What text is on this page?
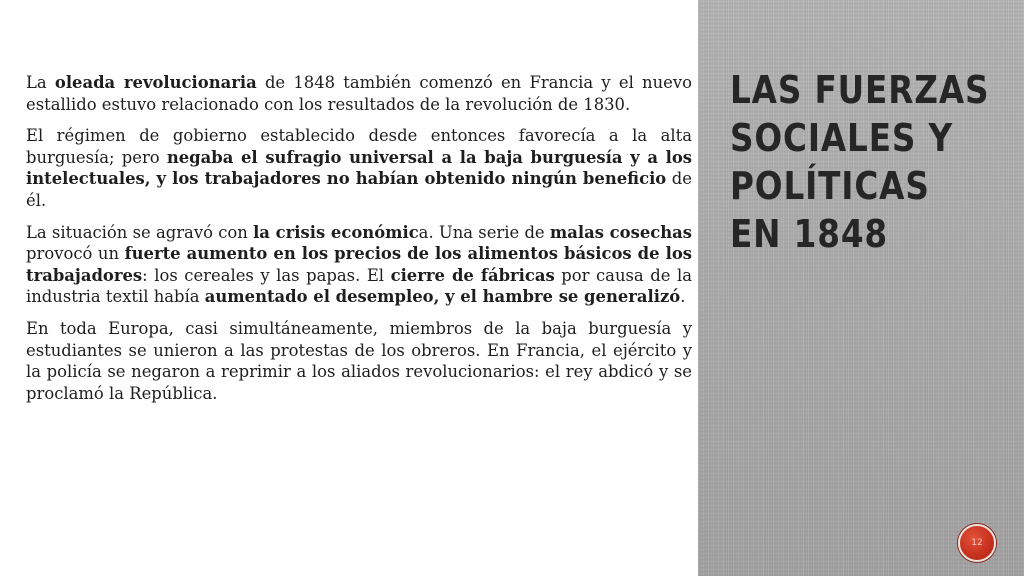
La oleada revolucionaria de 1848 también comenzó en Francia y el nuevo estallido estuvo relacionado con los resultados de la revolución de 1830.

El régimen de gobierno establecido desde entonces favorecía a la alta burguesía; pero negaba el sufragio universal a la baja burguesía y a los intelectuales, y los trabajadores no habían obtenido ningún beneficio de él.

La situación se agravó con la crisis económica. Una serie de malas cosechas provocó un fuerte aumento en los precios de los alimentos básicos de los trabajadores: los cereales y las papas. El cierre de fábricas por causa de la industria textil había aumentado el desempleo, y el hambre se generalizó.

En toda Europa, casi simultáneamente, miembros de la baja burguesía y estudiantes se unieron a las protestas de los obreros. En Francia, el ejército y la policía se negaron a reprimir a los aliados revolucionarios: el rey abdicó y se proclamó la República.

LAS FUERZAS
SOCIALES Y
POLÍTICAS
EN 1848
12
